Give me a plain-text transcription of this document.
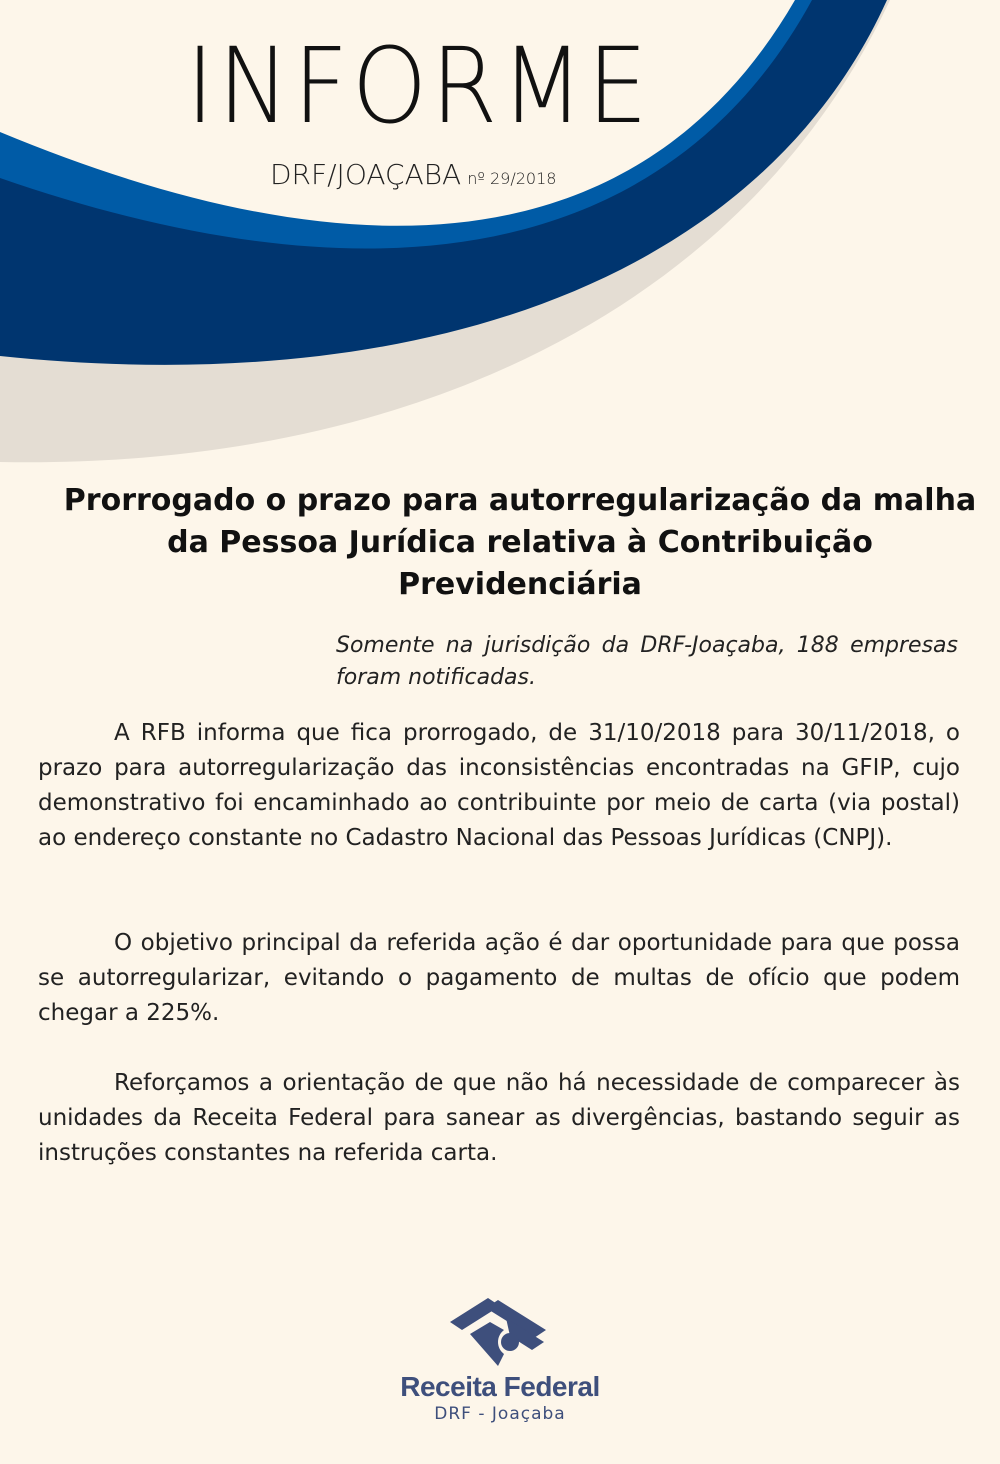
INFORME
DRF/JOAÇABA nº 29/2018
Prorrogado o prazo para autorregularização da malha da Pessoa Jurídica relativa à Contribuição Previdenciária
Somente na jurisdição da DRF-Joaçaba, 188 empresas foram notificadas.

A RFB informa que fica prorrogado, de 31/10/2018 para 30/11/2018, o prazo para autorregularização das inconsistências encontradas na GFIP, cujo demonstrativo foi encaminhado ao contribuinte por meio de carta (via postal) ao endereço constante no Cadastro Nacional das Pessoas Jurídicas (CNPJ).

O objetivo principal da referida ação é dar oportunidade para que possa se autorregularizar, evitando o pagamento de multas de ofício que podem chegar a 225%.

Reforçamos a orientação de que não há necessidade de comparecer às unidades da Receita Federal para sanear as divergências, bastando seguir as instruções constantes na referida carta.

Receita Federal
DRF - Joaçaba
